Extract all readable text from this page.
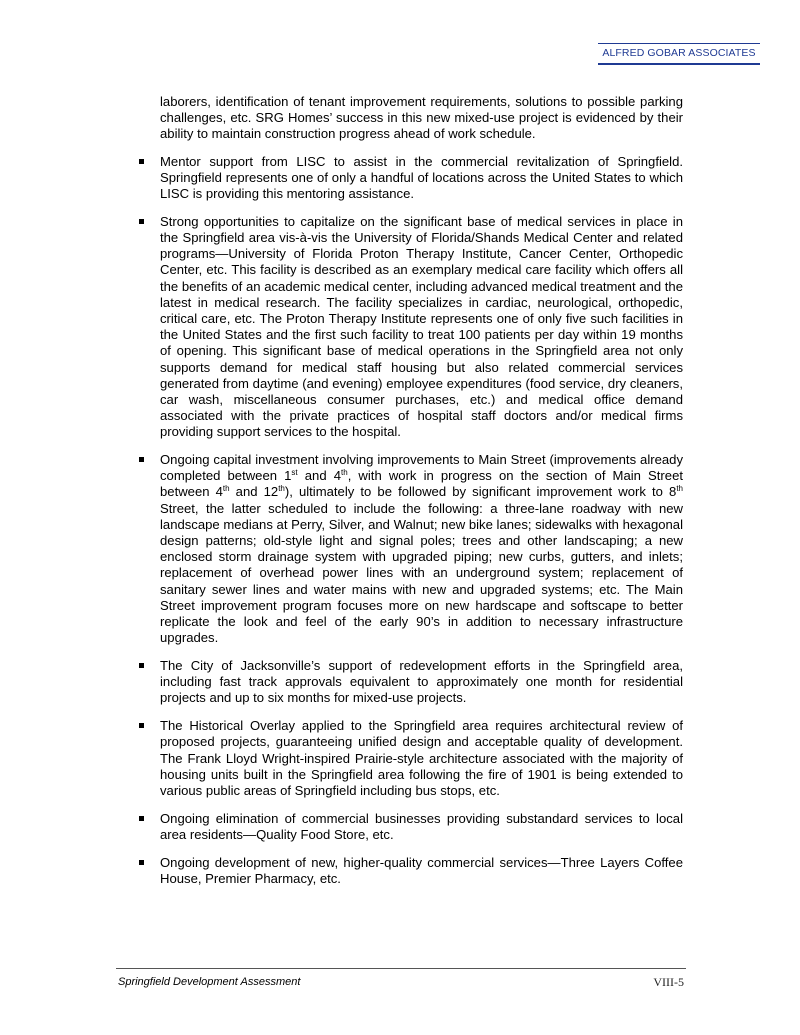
ALFRED GOBAR ASSOCIATES

laborers, identification of tenant improvement requirements, solutions to possible parking challenges, etc. SRG Homes’ success in this new mixed-use project is evidenced by their ability to maintain construction progress ahead of work schedule.

Mentor support from LISC to assist in the commercial revitalization of Springfield. Springfield represents one of only a handful of locations across the United States to which LISC is providing this mentoring assistance.
Strong opportunities to capitalize on the significant base of medical services in place in the Springfield area vis-à-vis the University of Florida/Shands Medical Center and related programs—University of Florida Proton Therapy Institute, Cancer Center, Orthopedic Center, etc. This facility is described as an exemplary medical care facility which offers all the benefits of an academic medical center, including advanced medical treatment and the latest in medical research. The facility specializes in cardiac, neurological, orthopedic, critical care, etc. The Proton Therapy Institute represents one of only five such facilities in the United States and the first such facility to treat 100 patients per day within 19 months of opening. This significant base of medical operations in the Springfield area not only supports demand for medical staff housing but also related commercial services generated from daytime (and evening) employee expenditures (food service, dry cleaners, car wash, miscellaneous consumer purchases, etc.) and medical office demand associated with the private practices of hospital staff doctors and/or medical firms providing support services to the hospital.
Ongoing capital investment involving improvements to Main Street (improvements already completed between 1st and 4th, with work in progress on the section of Main Street between 4th and 12th), ultimately to be followed by significant improvement work to 8th Street, the latter scheduled to include the following: a three-lane roadway with new landscape medians at Perry, Silver, and Walnut; new bike lanes; sidewalks with hexagonal design patterns; old-style light and signal poles; trees and other landscaping; a new enclosed storm drainage system with upgraded piping; new curbs, gutters, and inlets; replacement of overhead power lines with an underground system; replacement of sanitary sewer lines and water mains with new and upgraded systems; etc. The Main Street improvement program focuses more on new hardscape and softscape to better replicate the look and feel of the early 90’s in addition to necessary infrastructure upgrades.
The City of Jacksonville’s support of redevelopment efforts in the Springfield area, including fast track approvals equivalent to approximately one month for residential projects and up to six months for mixed-use projects.
The Historical Overlay applied to the Springfield area requires architectural review of proposed projects, guaranteeing unified design and acceptable quality of development. The Frank Lloyd Wright-inspired Prairie-style architecture associated with the majority of housing units built in the Springfield area following the fire of 1901 is being extended to various public areas of Springfield including bus stops, etc.
Ongoing elimination of commercial businesses providing substandard services to local area residents—Quality Food Store, etc.
Ongoing development of new, higher-quality commercial services—Three Layers Coffee House, Premier Pharmacy, etc.
Springfield Development Assessment	VIII-5
